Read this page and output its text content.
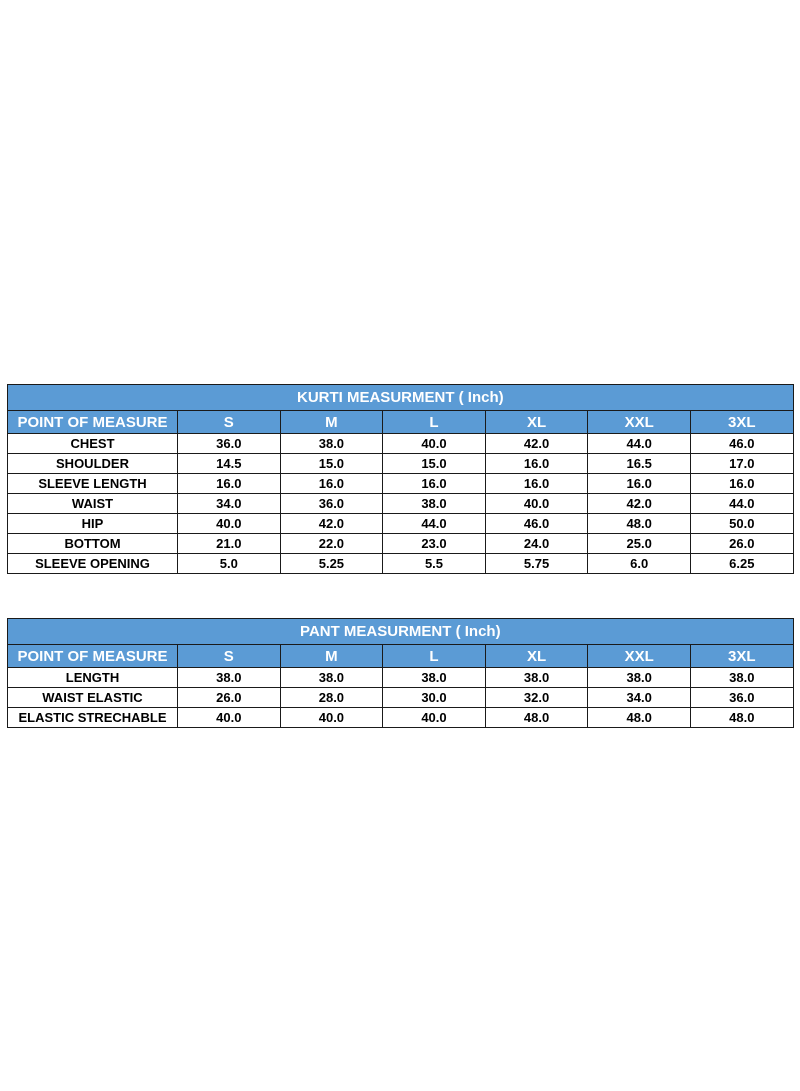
KURTI MEASURMENT ( Inch)						
POINT OF MEASURE	S	M	L	XL	XXL	3XL
CHEST	36.0	38.0	40.0	42.0	44.0	46.0
SHOULDER	14.5	15.0	15.0	16.0	16.5	17.0
SLEEVE LENGTH	16.0	16.0	16.0	16.0	16.0	16.0
WAIST	34.0	36.0	38.0	40.0	42.0	44.0
HIP	40.0	42.0	44.0	46.0	48.0	50.0
BOTTOM	21.0	22.0	23.0	24.0	25.0	26.0
SLEEVE OPENING	5.0	5.25	5.5	5.75	6.0	6.25
PANT MEASURMENT ( Inch)						
POINT OF MEASURE	S	M	L	XL	XXL	3XL
LENGTH	38.0	38.0	38.0	38.0	38.0	38.0
WAIST ELASTIC	26.0	28.0	30.0	32.0	34.0	36.0
ELASTIC STRECHABLE	40.0	40.0	40.0	48.0	48.0	48.0
